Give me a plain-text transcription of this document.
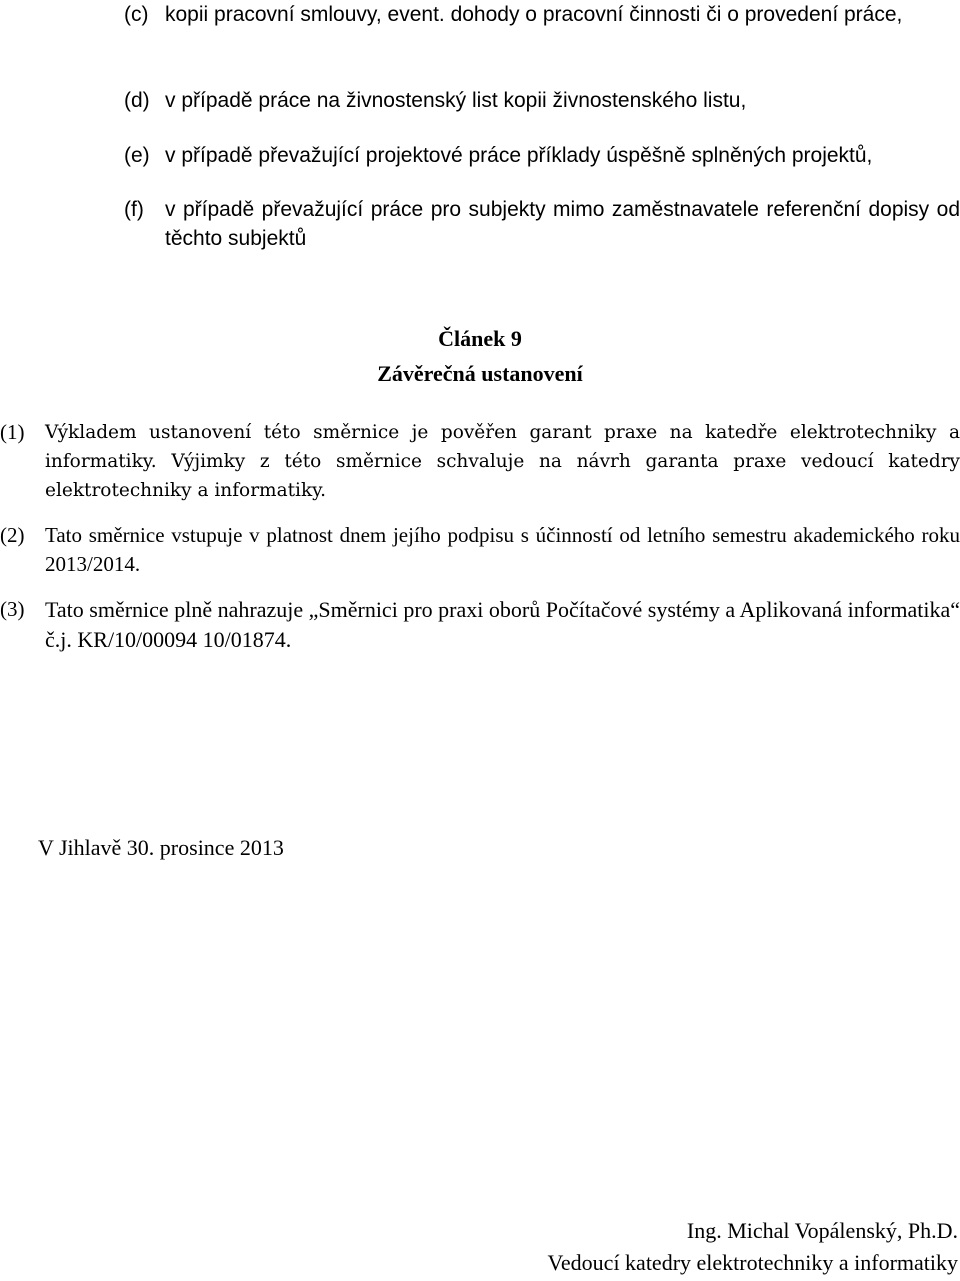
(c) kopii pracovní smlouvy, event. dohody o pracovní činnosti či o provedení práce,
(d) v případě práce na živnostenský list kopii živnostenského listu,
(e) v případě převažující projektové práce příklady úspěšně splněných projektů,
(f) v případě převažující práce pro subjekty mimo zaměstnavatele referenční dopisy od těchto subjektů
Článek 9
Závěrečná ustanovení
(1) Výkladem ustanovení této směrnice je pověřen garant praxe na katedře elektrotechniky a informatiky. Výjimky z této směrnice schvaluje na návrh garanta praxe vedoucí katedry elektrotechniky a informatiky.
(2) Tato směrnice vstupuje v platnost dnem jejího podpisu s účinností od letního semestru akademického roku 2013/2014.
(3) Tato směrnice plně nahrazuje „Směrnici pro praxi oborů Počítačové systémy a Aplikovaná informatika“ č.j. KR/10/00094 10/01874.
V Jihlavě 30. prosince 2013
Ing. Michal Vopálenský, Ph.D.
Vedoucí katedry elektrotechniky a informatiky
